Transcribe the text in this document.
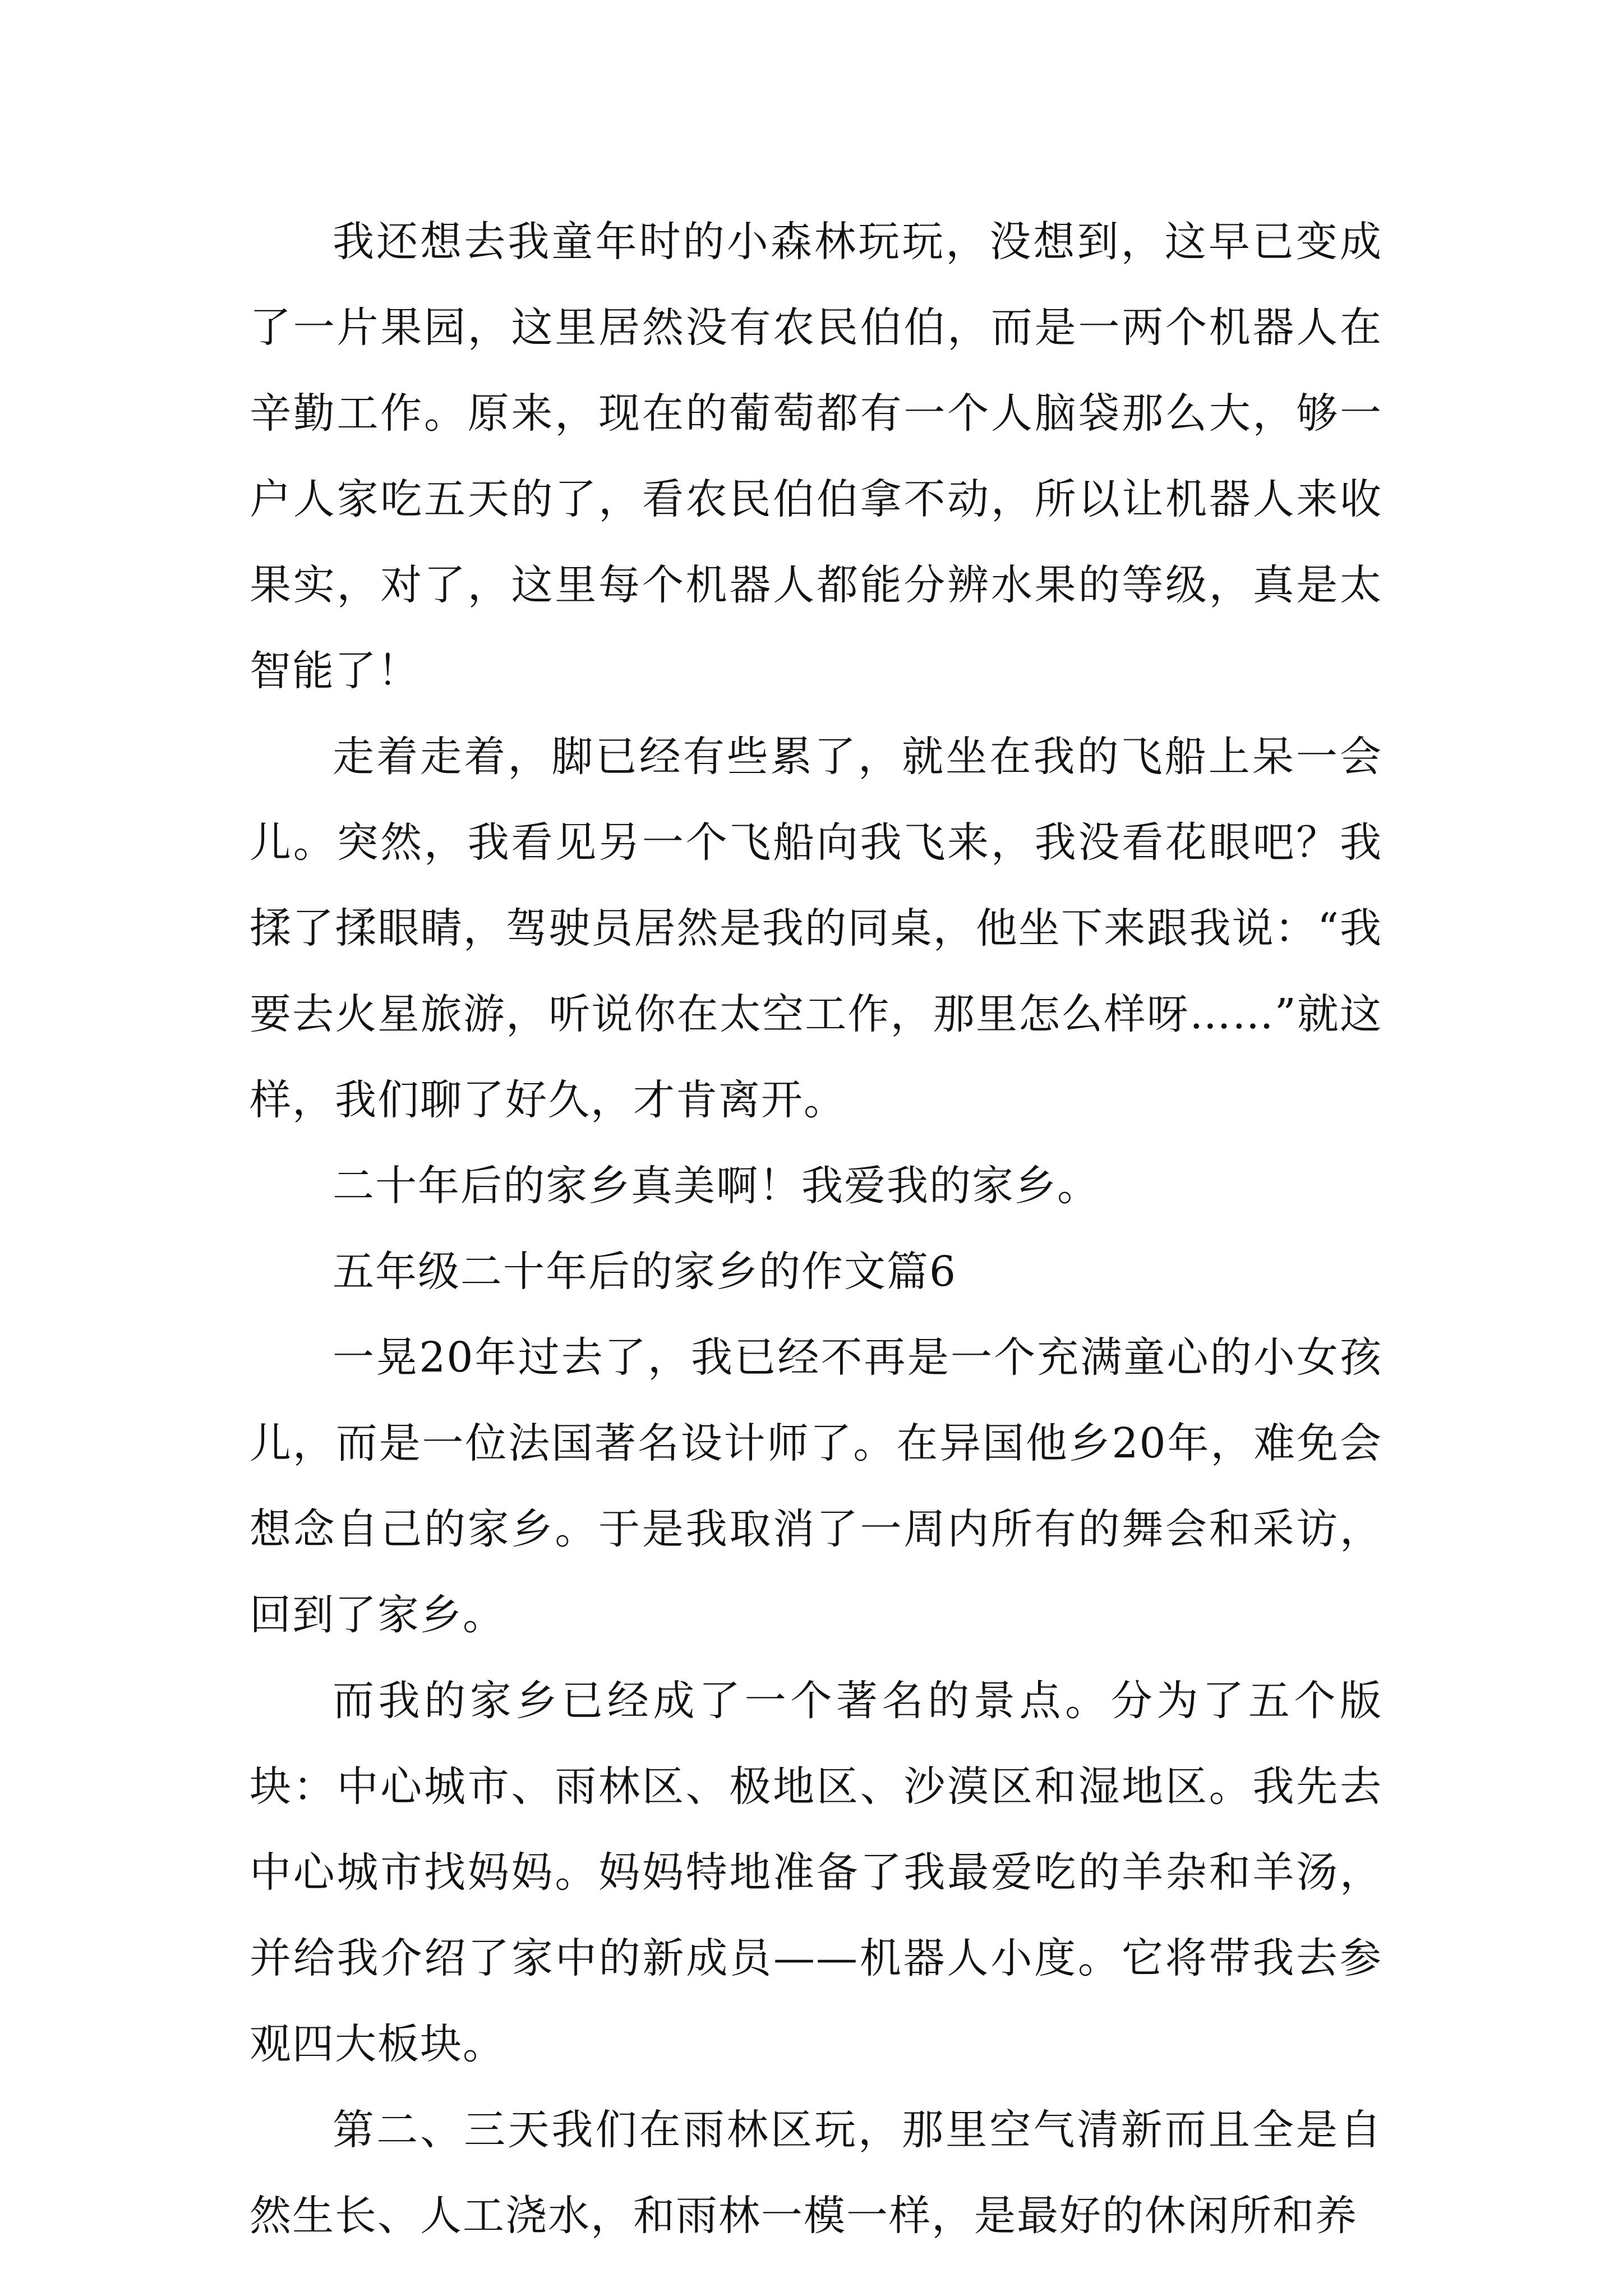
我还想去我童年时的小森林玩玩，没想到，这早已变成了一片果园，这里居然没有农民伯伯，而是一两个机器人在辛勤工作。原来，现在的葡萄都有一个人脑袋那么大，够一户人家吃五天的了，看农民伯伯拿不动，所以让机器人来收果实，对了，这里每个机器人都能分辨水果的等级，真是太智能了！

走着走着，脚已经有些累了，就坐在我的飞船上呆一会儿。突然，我看见另一个飞船向我飞来，我没看花眼吧？我揉了揉眼睛，驾驶员居然是我的同桌，他坐下来跟我说：“我要去火星旅游，听说你在太空工作，那里怎么样呀……”就这样，我们聊了好久，才肯离开。

二十年后的家乡真美啊！我爱我的家乡。

五年级二十年后的家乡的作文篇6

一晃20年过去了，我已经不再是一个充满童心的小女孩儿，而是一位法国著名设计师了。在异国他乡20年，难免会想念自己的家乡。于是我取消了一周内所有的舞会和采访，回到了家乡。

而我的家乡已经成了一个著名的景点。分为了五个版块：中心城市、雨林区、极地区、沙漠区和湿地区。我先去中心城市找妈妈。妈妈特地准备了我最爱吃的羊杂和羊汤，并给我介绍了家中的新成员——机器人小度。它将带我去参观四大板块。

第二、三天我们在雨林区玩，那里空气清新而且全是自然生长、人工浇水，和雨林一模一样，是最好的休闲所和养
